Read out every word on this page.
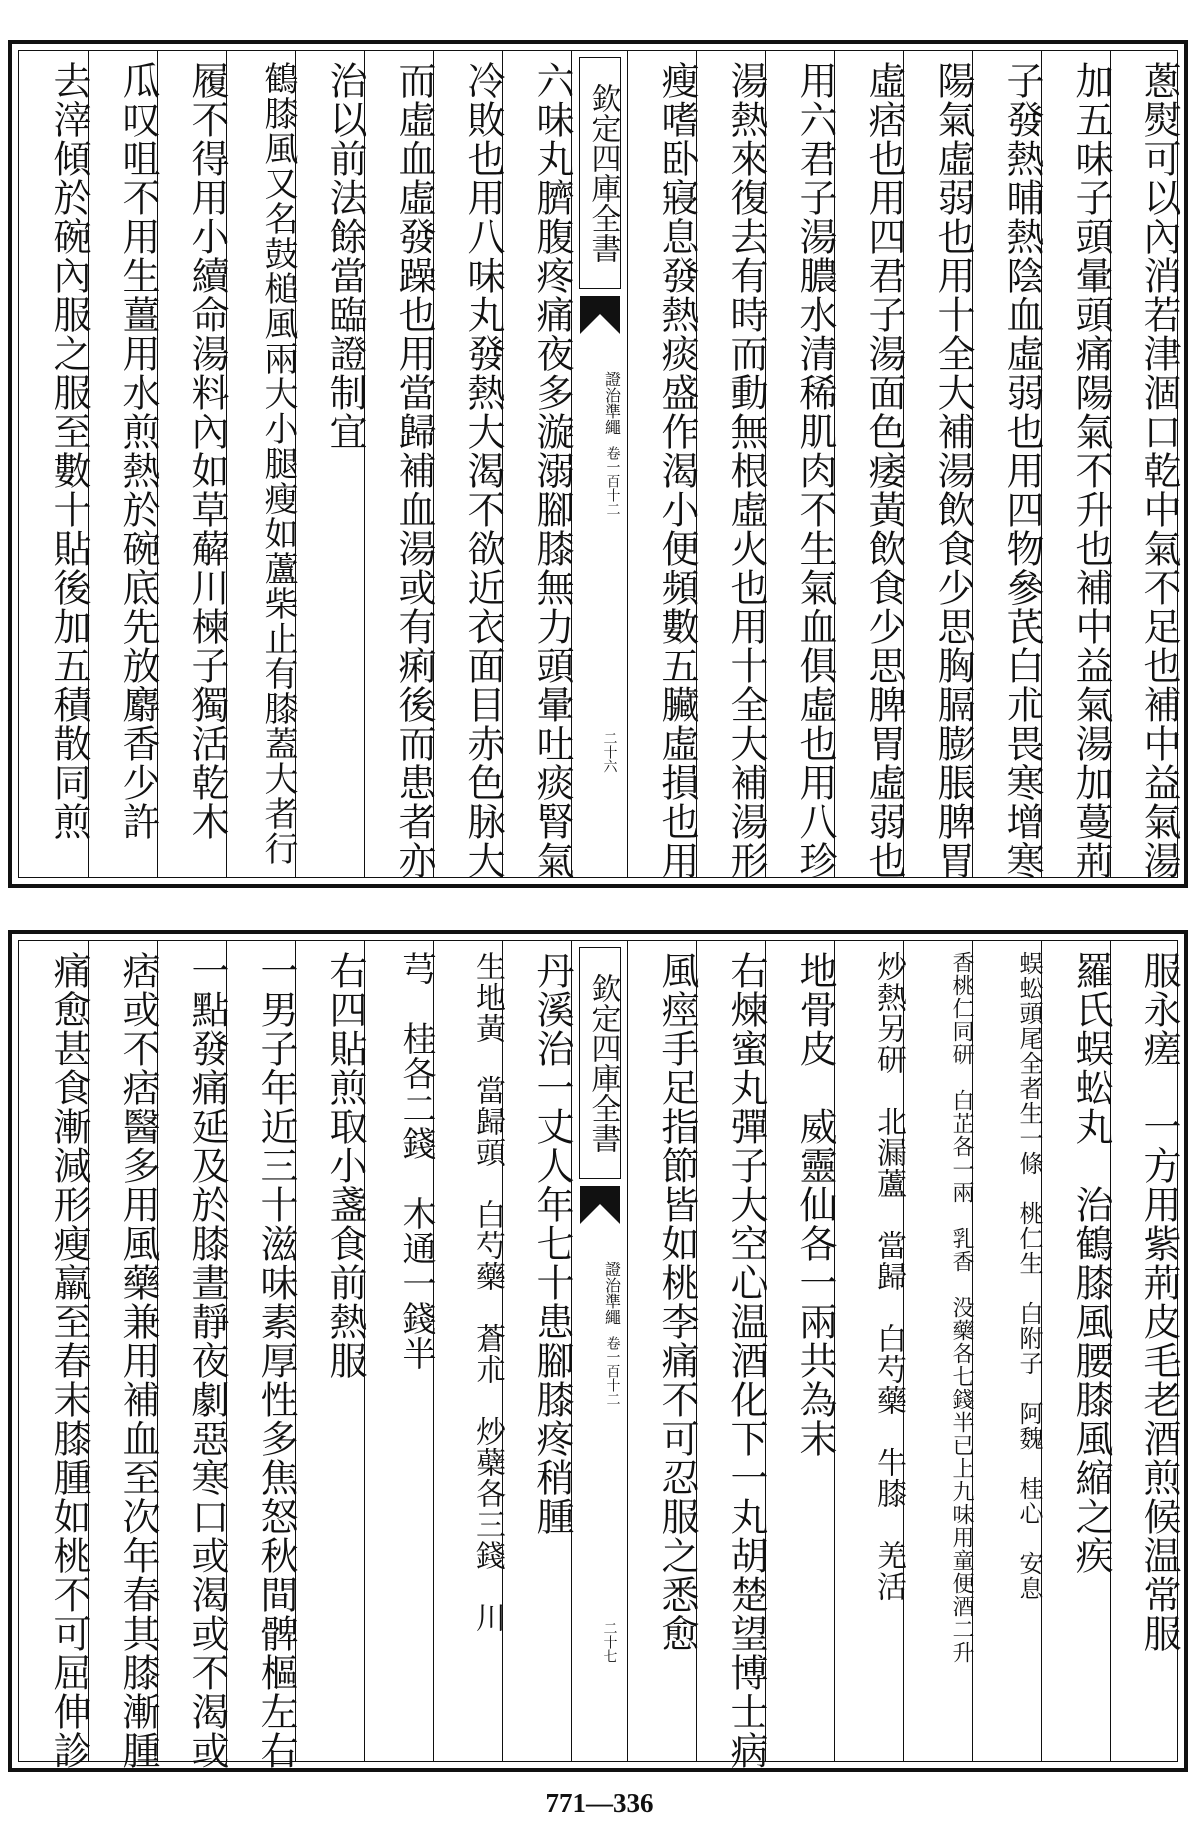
去滓傾於碗內服之服至數十貼後加五積散同煎 瓜叹咀不用生薑用水煎熱於碗底先放麝香少許 履不得用小續命湯料內如草薢川楝子獨活乾木 鶴膝風又名鼓槌風兩大小腿瘦如蘆柴止有膝蓋大者行 治以前法餘當臨證制宜 而虛血虛發躁也用當歸補血湯或有痢後而患者亦 冷敗也用八味丸發熱大渴不欲近衣面目赤色脉大 六味丸臍腹疼痛夜多漩溺腳膝無力頭暈吐痰腎氣 欽定四庫全書
證治準繩
卷一百十二
二十六 瘦嗜卧寢息發熱痰盛作渴小便頻數五臟虛損也用 湯熱來復去有時而動無根虛火也用十全大補湯形 用六君子湯膿水清稀肌肉不生氣血俱虛也用八珍 虛痞也用四君子湯面色痿黃飲食少思脾胃虛弱也 陽氣虛弱也用十全大補湯飲食少思胸膈膨脹脾胃 子發熱晡熱陰血虛弱也用四物參芪白朮畏寒增寒 加五味子頭暈頭痛陽氣不升也補中益氣湯加蔓荊 蔥熨可以內消若津涸口乾中氣不足也補中益氣湯
痛愈甚食漸減形瘦羸至春末膝腫如桃不可屈伸診 痞或不痞醫多用風藥兼用補血至次年春其膝漸腫 一點發痛延及於膝晝靜夜劇惡寒口或渴或不渴或 一男子年近三十滋味素厚性多焦怒秋間髀樞左右 右四貼煎取小盞食前熱服 芎　桂各二錢　木通一錢半	生地黃　當歸頭　白芍藥　蒼朮　炒蘗各三錢　川 丹溪治一丈人年七十患腳膝疼稍腫 欽定四庫全書
證治準繩
卷一百十二
二十七 風痙手足指節皆如桃李痛不可忍服之悉愈 右煉蜜丸彈子大空心温酒化下一丸胡楚望博士病 地骨皮　威靈仙各一兩共為末	炒熱另研　北漏蘆　當歸　白芍藥　牛膝　羌活	香桃仁同研　白芷各一兩　乳香　没藥各七錢半已上九味用童便酒二升	蜈蚣頭尾全者生一條　桃仁生　白附子　阿魏　桂心　安息 羅氏蜈蚣丸　治鶴膝風腰膝風縮之疾 服永瘥　一方用紫荊皮毛老酒煎候温常服
771—336
